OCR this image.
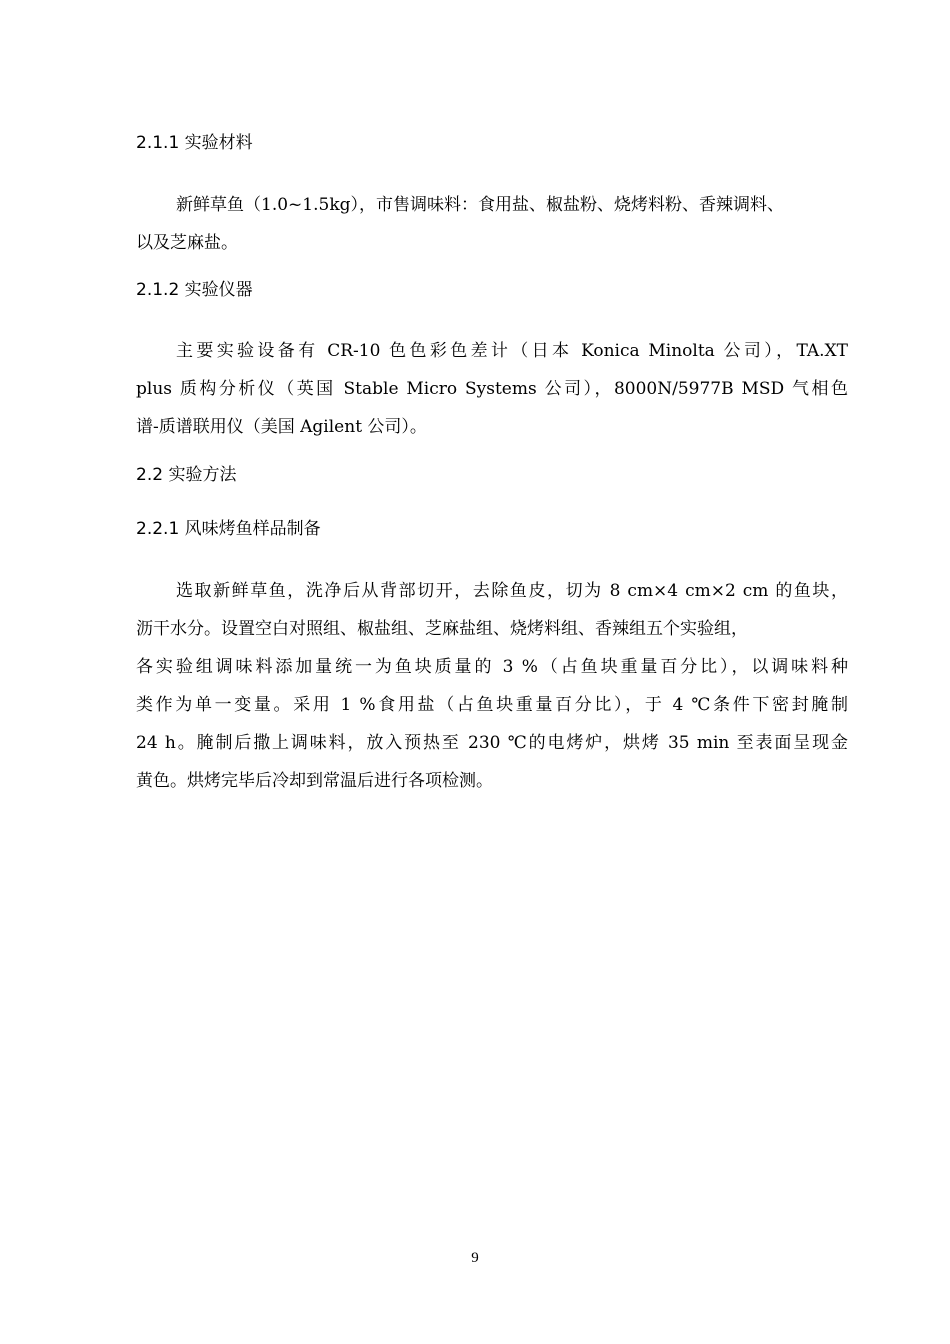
2.1.1 实验材料
新鲜草鱼（1.0~1.5kg），市售调味料：食用盐、椒盐粉、烧烤料粉、香辣调料、
以及芝麻盐。
2.1.2 实验仪器
主要实验设备有 CR-10 色色彩色差计（日本 Konica Minolta 公司），TA.XT
plus 质构分析仪（英国 Stable Micro Systems 公司），8000N/5977B MSD 气相色
谱-质谱联用仪（美国 Agilent 公司）。
2.2 实验方法
2.2.1 风味烤鱼样品制备
选取新鲜草鱼，洗净后从背部切开，去除鱼皮，切为 8 cm×4 cm×2 cm 的鱼块，
沥干水分。设置空白对照组、椒盐组、芝麻盐组、烧烤料组、香辣组五个实验组，
各实验组调味料添加量统一为鱼块质量的 3 %（占鱼块重量百分比），以调味料种
类作为单一变量。采用 1 %食用盐（占鱼块重量百分比），于 4 ℃条件下密封腌制
24 h。腌制后撒上调味料，放入预热至 230 ℃的电烤炉，烘烤 35 min 至表面呈现金
黄色。烘烤完毕后冷却到常温后进行各项检测。
9
